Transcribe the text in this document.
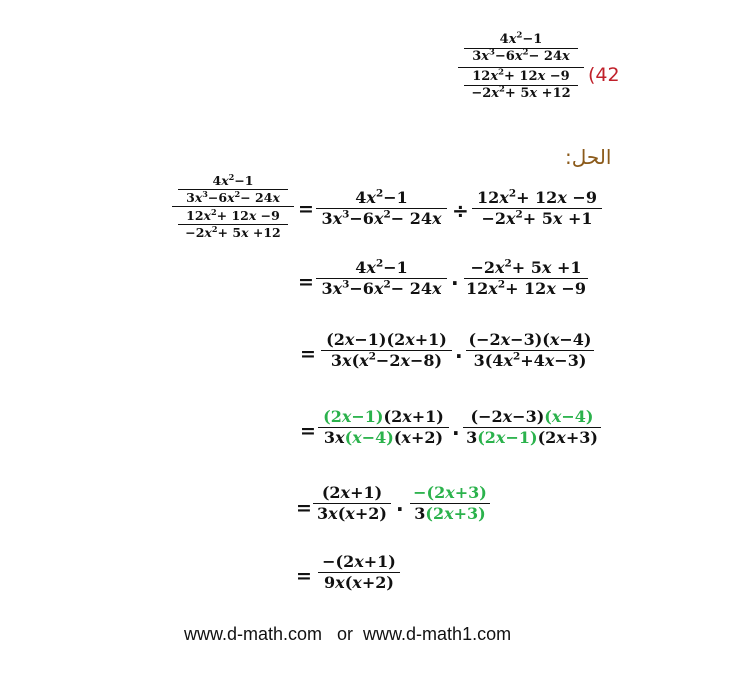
$4x^2-1$
$3x^3-6x^2- 24x$
$12x^2+ 12x -9$
$-2x^2+ 5x +12$
(42
الحل:
$4x^2-1$
$3x^3-6x^2- 24x$
$12x^2+ 12x -9$
$-2x^2+ 5x +12$
=
$4x^2-1$
$3x^3-6x^2- 24x$ ÷
$12x^2+ 12x -9$
$-2x^2+ 5x +1$
=
$4x^2-1$
$3x^3-6x^2- 24x$ ·
$-2x^2+ 5x +1$
$12x^2+ 12x -9$
=
(2x−1)(2x+1)
$3x(x^2-2x-8)$ ·
(−2x−3)(x−4)
$3(4x^2+4x-3)$
=
(2x−1)(2x+1)
3x(x−4)(x+2) ·
(−2x−3)(x−4)
3(2x−1)(2x+3)
=
(2x+1)
3x(x+2) ·
−(2x+3)
3(2x+3)
=
−(2x+1)
9x(x+2)
www.d-math.com   or  www.d-math1.com
